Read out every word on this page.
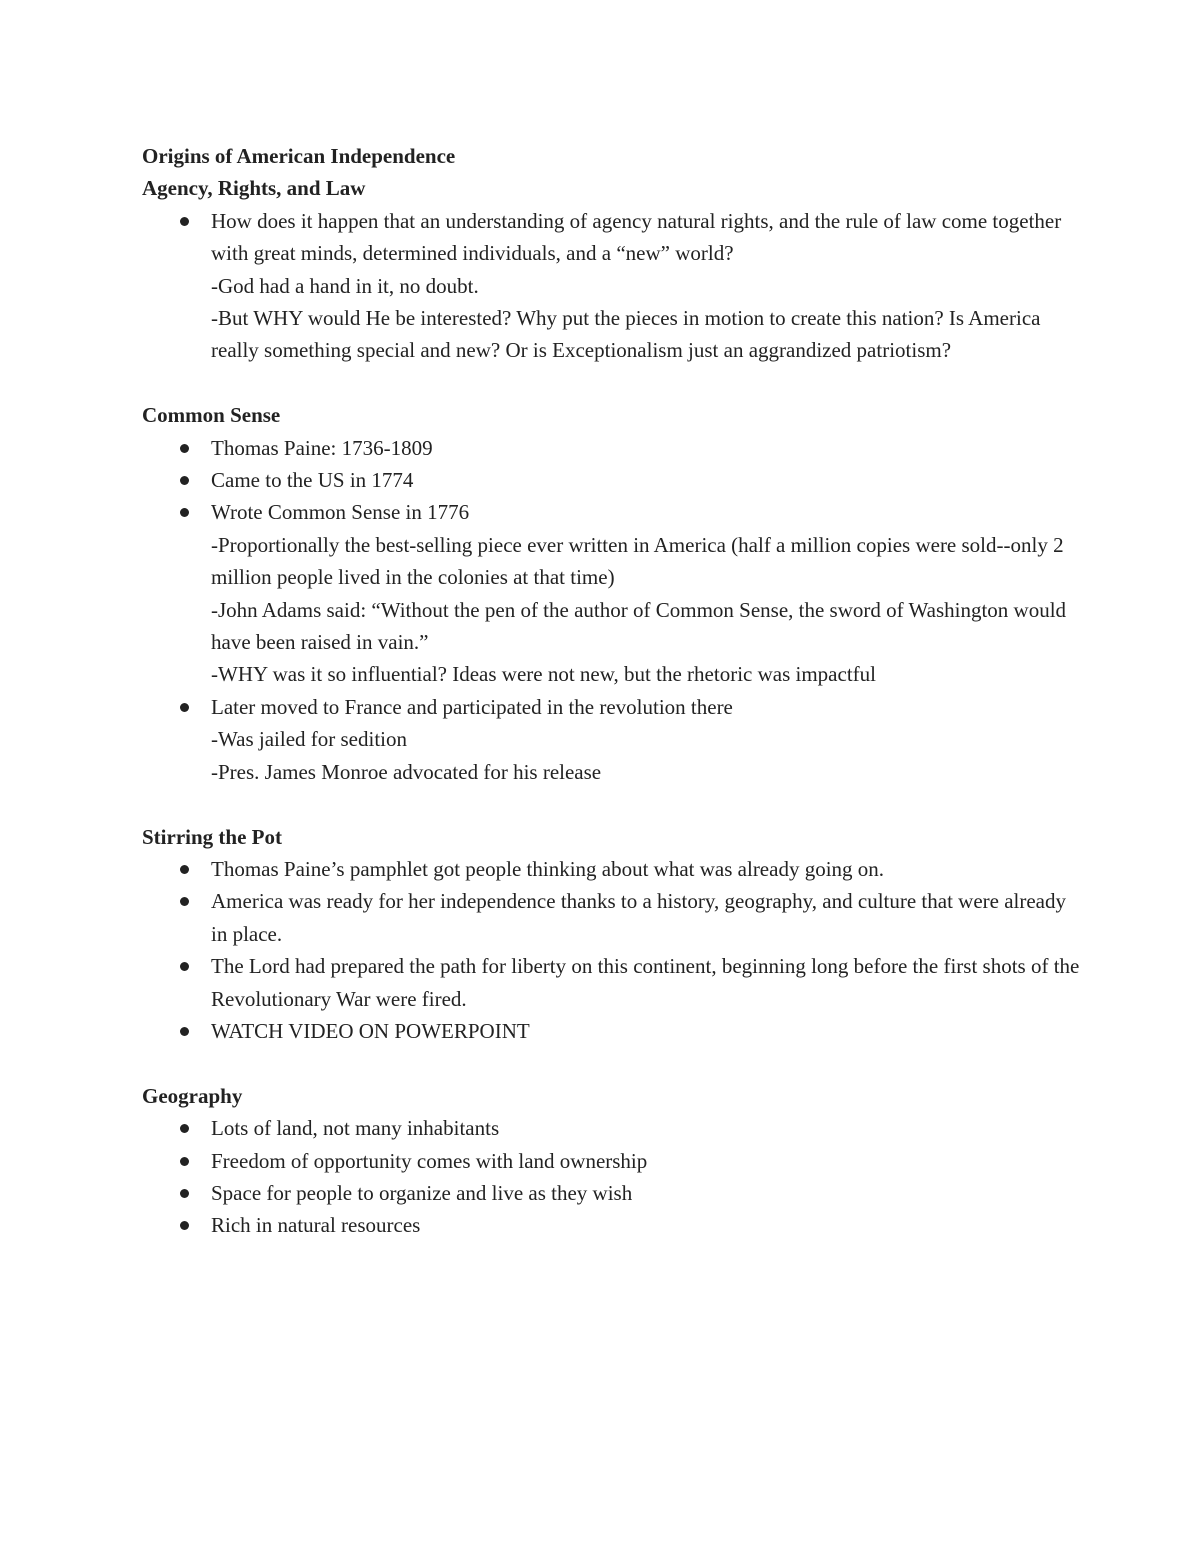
Origins of American Independence
Agency, Rights, and Law
How does it happen that an understanding of agency natural rights, and the rule of law come together with great minds, determined individuals, and a “new” world?
-God had a hand in it, no doubt.
-But WHY would He be interested? Why put the pieces in motion to create this nation? Is America really something special and new? Or is Exceptionalism just an aggrandized patriotism?
Common Sense
Thomas Paine: 1736-1809
Came to the US in 1774
Wrote Common Sense in 1776
-Proportionally the best-selling piece ever written in America (half a million copies were sold--only 2 million people lived in the colonies at that time)
-John Adams said: “Without the pen of the author of Common Sense, the sword of Washington would have been raised in vain.”
-WHY was it so influential? Ideas were not new, but the rhetoric was impactful
Later moved to France and participated in the revolution there
-Was jailed for sedition
-Pres. James Monroe advocated for his release
Stirring the Pot
Thomas Paine’s pamphlet got people thinking about what was already going on.
America was ready for her independence thanks to a history, geography, and culture that were already in place.
The Lord had prepared the path for liberty on this continent, beginning long before the first shots of the Revolutionary War were fired.
WATCH VIDEO ON POWERPOINT
Geography
Lots of land, not many inhabitants
Freedom of opportunity comes with land ownership
Space for people to organize and live as they wish
Rich in natural resources
